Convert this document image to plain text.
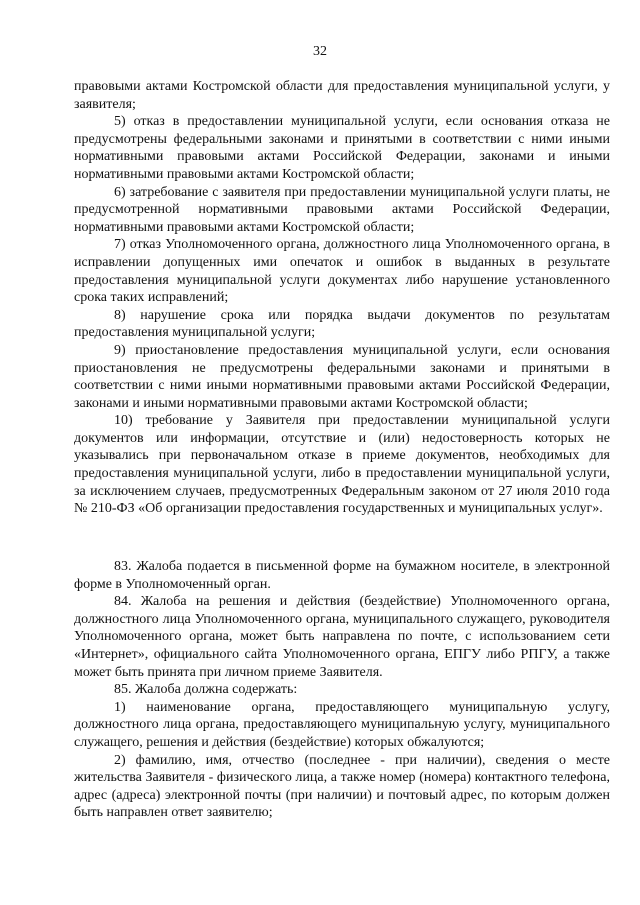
32

правовыми актами Костромской области для предоставления муниципальной услуги, у заявителя;

5) отказ в предоставлении муниципальной услуги, если основания отказа не предусмотрены федеральными законами и принятыми в соответствии с ними иными нормативными правовыми актами Российской Федерации, законами и иными нормативными правовыми актами Костромской области;

6) затребование с заявителя при предоставлении муниципальной услуги платы, не предусмотренной нормативными правовыми актами Российской Федерации, нормативными правовыми актами Костромской области;

7) отказ Уполномоченного органа, должностного лица Уполномоченного органа, в исправлении допущенных ими опечаток и ошибок в выданных в результате предоставления муниципальной услуги документах либо нарушение установленного срока таких исправлений;

8) нарушение срока или порядка выдачи документов по результатам предоставления муниципальной услуги;

9) приостановление предоставления муниципальной услуги, если основания приостановления не предусмотрены федеральными законами и принятыми в соответствии с ними иными нормативными правовыми актами Российской Федерации, законами и иными нормативными правовыми актами Костромской области;

10) требование у Заявителя при предоставлении муниципальной услуги документов или информации, отсутствие и (или) недостоверность которых не указывались при первоначальном отказе в приеме документов, необходимых для предоставления муниципальной услуги, либо в предоставлении муниципальной услуги, за исключением случаев, предусмотренных Федеральным законом от 27 июля 2010 года № 210-ФЗ «Об организации предоставления государственных и муниципальных услуг».

83. Жалоба подается в письменной форме на бумажном носителе, в электронной форме в Уполномоченный орган.

84. Жалоба на решения и действия (бездействие) Уполномоченного органа, должностного лица Уполномоченного органа, муниципального служащего, руководителя Уполномоченного органа, может быть направлена по почте, с использованием сети «Интернет», официального сайта Уполномоченного органа, ЕПГУ либо РПГУ, а также может быть принята при личном приеме Заявителя.

85. Жалоба должна содержать:

1) наименование органа, предоставляющего муниципальную услугу, должностного лица органа, предоставляющего муниципальную услугу, муниципального служащего, решения и действия (бездействие) которых обжалуются;

2) фамилию, имя, отчество (последнее - при наличии), сведения о месте жительства Заявителя - физического лица, а также номер (номера) контактного телефона, адрес (адреса) электронной почты (при наличии) и почтовый адрес, по которым должен быть направлен ответ заявителю;
